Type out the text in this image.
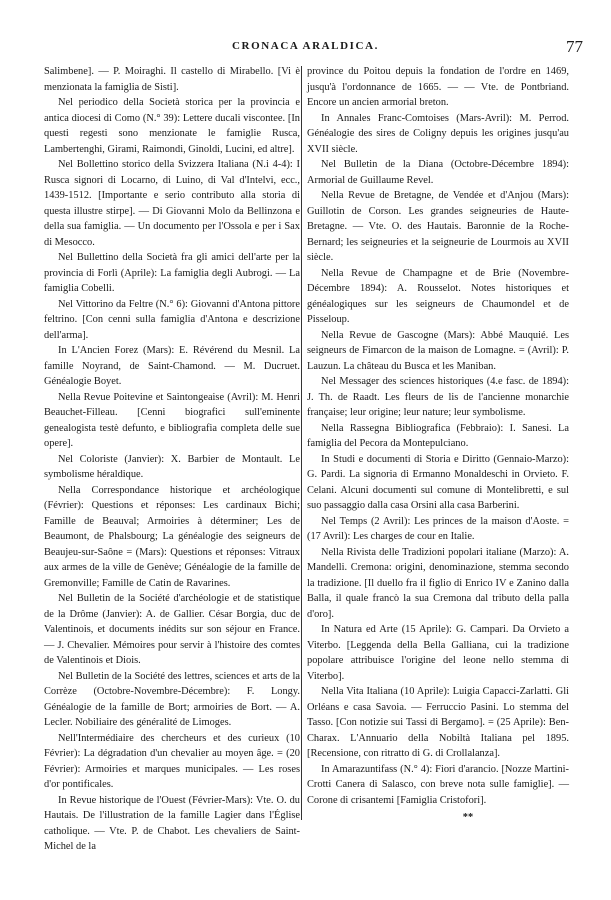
CRONACA ARALDICA.	77

Salimbene]. — P. Moiraghi. Il castello di Mirabello. [Vi è menzionata la famiglia de Sisti].

Nel periodico della Società storica per la provincia e antica diocesi di Como (N.° 39): Lettere ducali viscontee. [In questi regesti sono menzionate le famiglie Rusca, Lambertenghi, Girami, Raimondi, Ginoldi, Lucini, ed altre].

Nel Bollettino storico della Svizzera Italiana (N.i 4-4): I Rusca signori di Locarno, di Luino, di Val d'Intelvi, ecc., 1439-1512. [Importante e serio contributo alla storia di questa illustre stirpe]. — Di Giovanni Molo da Bellinzona e della sua famiglia. — Un documento per l'Ossola e per i Sax di Mesocco.

Nel Bullettino della Società fra gli amici dell'arte per la provincia di Forlì (Aprile): La famiglia degli Aubrogi. — La famiglia Cobelli.

Nel Vittorino da Feltre (N.° 6): Giovanni d'Antona pittore feltrino. [Con cenni sulla famiglia d'Antona e descrizione dell'arma].

In L'Ancien Forez (Mars): E. Révérend du Mesnil. La famille Noyrand, de Saint-Chamond. — M. Ducruet. Généalogie Boyet.

Nella Revue Poitevine et Saintongeaise (Avril): M. Henri Beauchet-Filleau. [Cenni biografici sull'eminente genealogista testè defunto, e bibliografia completa delle sue opere].

Nel Coloriste (Janvier): X. Barbier de Montault. Le symbolisme héraldique.

Nella Correspondance historique et archéologique (Février): Questions et réponses: Les cardinaux Bichi; Famille de Beauval; Armoiries à déterminer; Les de Beaumont, de Phalsbourg; La généalogie des seigneurs de Beaujeu-sur-Saône = (Mars): Questions et réponses: Vitraux aux armes de la ville de Genève; Généalogie de la famille de Gremonville; Famille de Catin de Ravarines.

Nel Bulletin de la Société d'archéologie et de statistique de la Drôme (Janvier): A. de Gallier. César Borgia, duc de Valentinois, et documents inédits sur son séjour en France. — J. Chevalier. Mémoires pour servir à l'histoire des comtes de Valentinois et Diois.

Nel Bulletin de la Société des lettres, sciences et arts de la Corrèze (Octobre-Novembre-Décembre): F. Longy. Généalogie de la famille de Bort; armoiries de Bort. — A. Lecler. Nobiliaire des généralité de Limoges.

Nell'Intermédiaire des chercheurs et des curieux (10 Février): La dégradation d'un chevalier au moyen âge. = (20 Février): Armoiries et marques municipales. — Les roses d'or pontificales.

In Revue historique de l'Ouest (Février-Mars): Vte. O. du Hautais. De l'illustration de la famille Lagier dans l'Église catholique. — Vte. P. de Chabot. Les chevaliers de Saint-Michel de la

province du Poitou depuis la fondation de l'ordre en 1469, jusqu'à l'ordonnance de 1665. — — Vte. de Pontbriand. Encore un ancien armorial breton.

In Annales Franc-Comtoises (Mars-Avril): M. Perrod. Généalogie des sires de Coligny depuis les origines jusqu'au XVII siècle.

Nel Bulletin de la Diana (Octobre-Décembre 1894): Armorial de Guillaume Revel.

Nella Revue de Bretagne, de Vendée et d'Anjou (Mars): Guillotin de Corson. Les grandes seigneuries de Haute-Bretagne. — Vte. O. des Hautais. Baronnie de la Roche-Bernard; les seigneuries et la seigneurie de Lourmois au XVII siècle.

Nella Revue de Champagne et de Brie (Novembre-Décembre 1894): A. Rousselot. Notes historiques et généalogiques sur les seigneurs de Chaumondel et de Pisseloup.

Nella Revue de Gascogne (Mars): Abbé Mauquié. Les seigneurs de Fimarcon de la maison de Lomagne. = (Avril): P. Lauzun. La château du Busca et les Maniban.

Nel Messager des sciences historiques (4.e fasc. de 1894): J. Th. de Raadt. Les fleurs de lis de l'ancienne monarchie française; leur origine; leur nature; leur symbolisme.

Nella Rassegna Bibliografica (Febbraio): I. Sanesi. La famiglia del Pecora da Montepulciano.

In Studi e documenti di Storia e Diritto (Gennaio-Marzo): G. Pardi. La signoria di Ermanno Monaldeschi in Orvieto. F. Celani. Alcuni documenti sul comune di Montelibretti, e sul suo passaggio dalla casa Orsini alla casa Barberini.

Nel Temps (2 Avril): Les princes de la maison d'Aoste. = (17 Avril): Les charges de cour en Italie.

Nella Rivista delle Tradizioni popolari italiane (Marzo): A. Mandelli. Cremona: origini, denominazione, stemma secondo la tradizione. [Il duello fra il figlio di Enrico IV e Zanino dalla Balla, il quale francò la sua Cremona dal tributo della palla d'oro].

In Natura ed Arte (15 Aprile): G. Campari. Da Orvieto a Viterbo. [Leggenda della Bella Galliana, cui la tradizione popolare attribuisce l'origine del leone nello stemma di Viterbo].

Nella Vita Italiana (10 Aprile): Luigia Capacci-Zarlatti. Gli Orléans e casa Savoia. — Ferruccio Pasini. Lo stemma del Tasso. [Con notizie sui Tassi di Bergamo]. = (25 Aprile): Ben-Charax. L'Annuario della Nobiltà Italiana pel 1895. [Recensione, con ritratto di G. di Crollalanza].

In Amarazuntifass (N.° 4): Fiori d'arancio. [Nozze Martini-Crotti Canera di Salasco, con breve nota sulle famiglie]. — Corone di crisantemi [Famiglia Cristofori].

**
